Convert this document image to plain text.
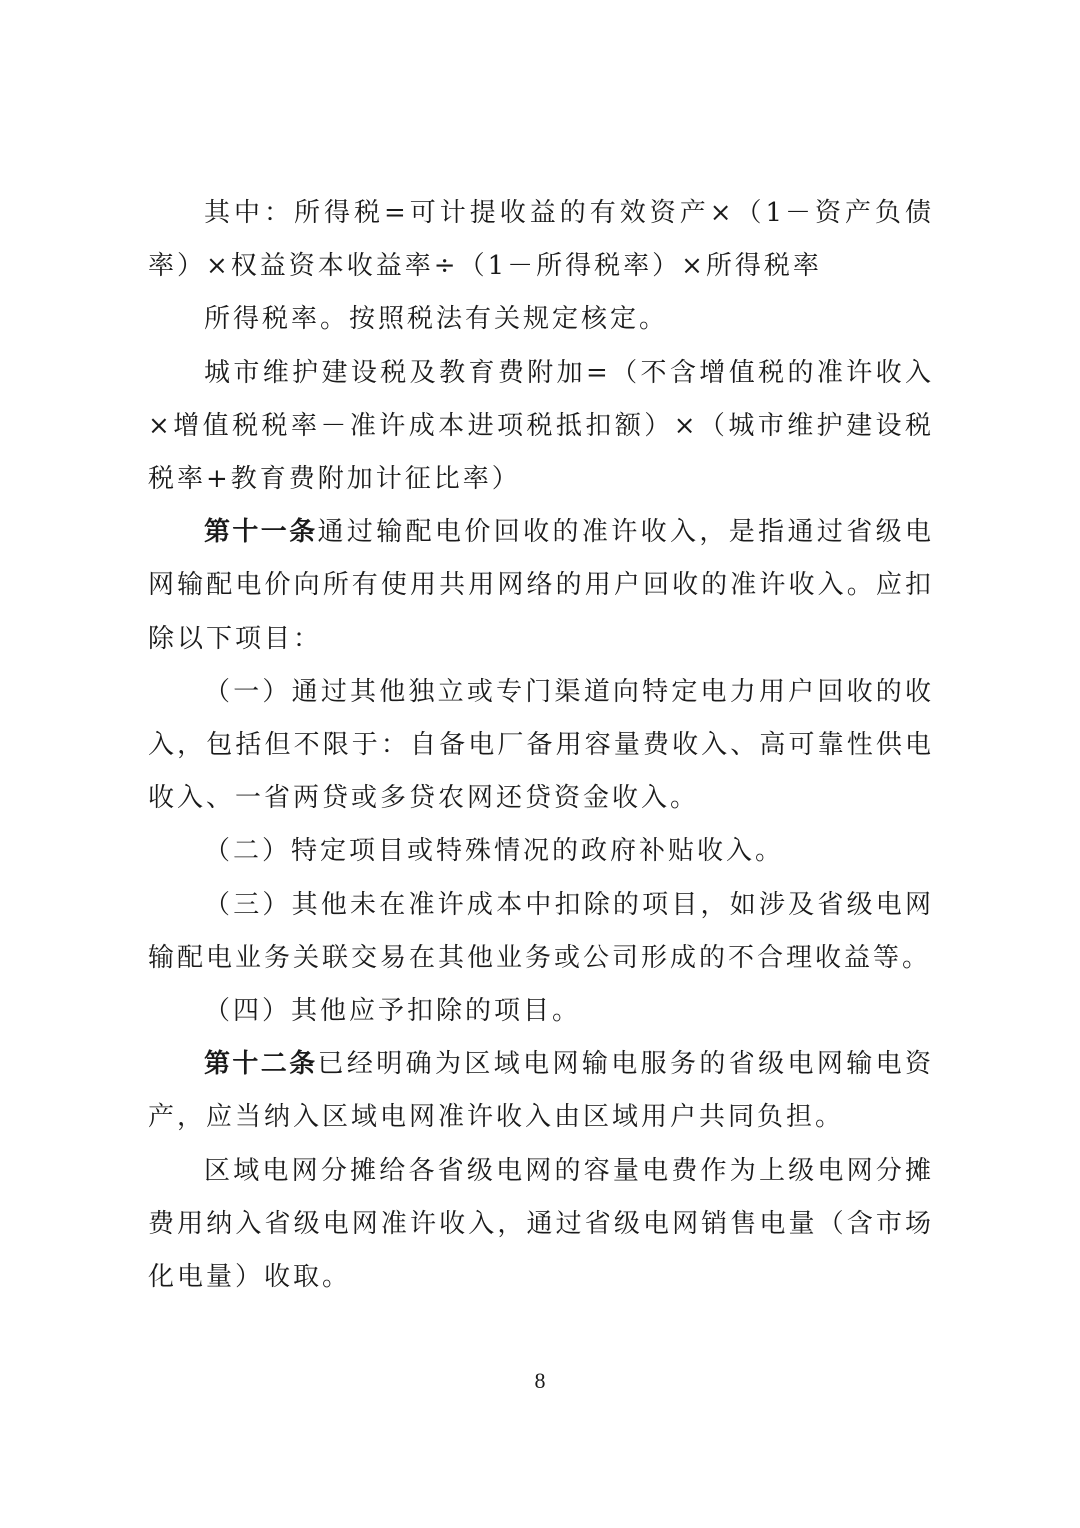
其中：所得税=可计提收益的有效资产×（1－资产负债率）×权益资本收益率÷（1－所得税率）×所得税率

所得税率。按照税法有关规定核定。

城市维护建设税及教育费附加=（不含增值税的准许收入×增值税税率－准许成本进项税抵扣额）×（城市维护建设税税率+教育费附加计征比率）

第十一条通过输配电价回收的准许收入，是指通过省级电网输配电价向所有使用共用网络的用户回收的准许收入。应扣除以下项目：

（一）通过其他独立或专门渠道向特定电力用户回收的收入，包括但不限于：自备电厂备用容量费收入、高可靠性供电收入、一省两贷或多贷农网还贷资金收入。

（二）特定项目或特殊情况的政府补贴收入。

（三）其他未在准许成本中扣除的项目，如涉及省级电网输配电业务关联交易在其他业务或公司形成的不合理收益等。

（四）其他应予扣除的项目。

第十二条已经明确为区域电网输电服务的省级电网输电资产，应当纳入区域电网准许收入由区域用户共同负担。

区域电网分摊给各省级电网的容量电费作为上级电网分摊费用纳入省级电网准许收入，通过省级电网销售电量（含市场化电量）收取。

8
